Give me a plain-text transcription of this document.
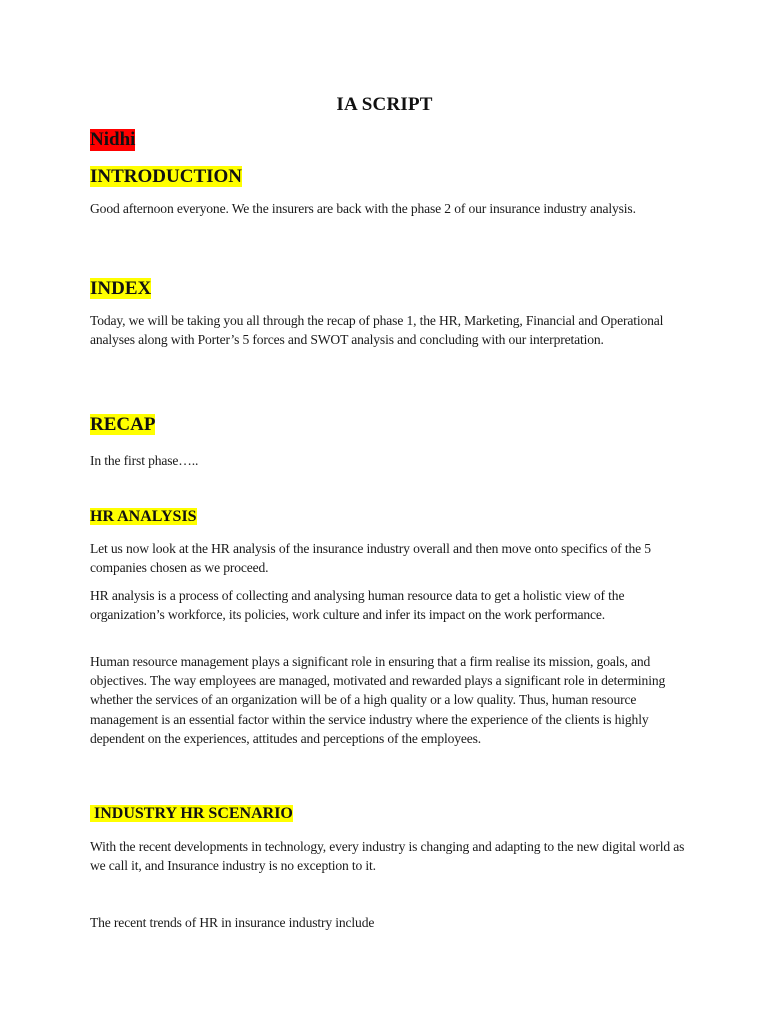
IA SCRIPT

Nidhi

INTRODUCTION

Good afternoon everyone. We the insurers are back with the phase 2 of our insurance industry analysis.

INDEX

Today, we will be taking you all through the recap of phase 1, the HR, Marketing, Financial and Operational analyses along with Porter’s 5 forces and SWOT analysis and concluding with our interpretation.

RECAP

In the first phase…..

HR ANALYSIS

Let us now look at the HR analysis of the insurance industry overall and then move onto specifics of the 5 companies chosen as we proceed.

HR analysis is a process of collecting and analysing human resource data to get a holistic view of the organization’s workforce, its policies, work culture and infer its impact on the work performance.

Human resource management plays a significant role in ensuring that a firm realise its mission, goals, and objectives. The way employees are managed, motivated and rewarded plays a significant role in determining whether the services of an organization will be of a high quality or a low quality. Thus, human resource management is an essential factor within the service industry where the experience of the clients is highly dependent on the experiences, attitudes and perceptions of the employees.

INDUSTRY HR SCENARIO

With the recent developments in technology, every industry is changing and adapting to the new digital world as we call it, and Insurance industry is no exception to it.

The recent trends of HR in insurance industry include
